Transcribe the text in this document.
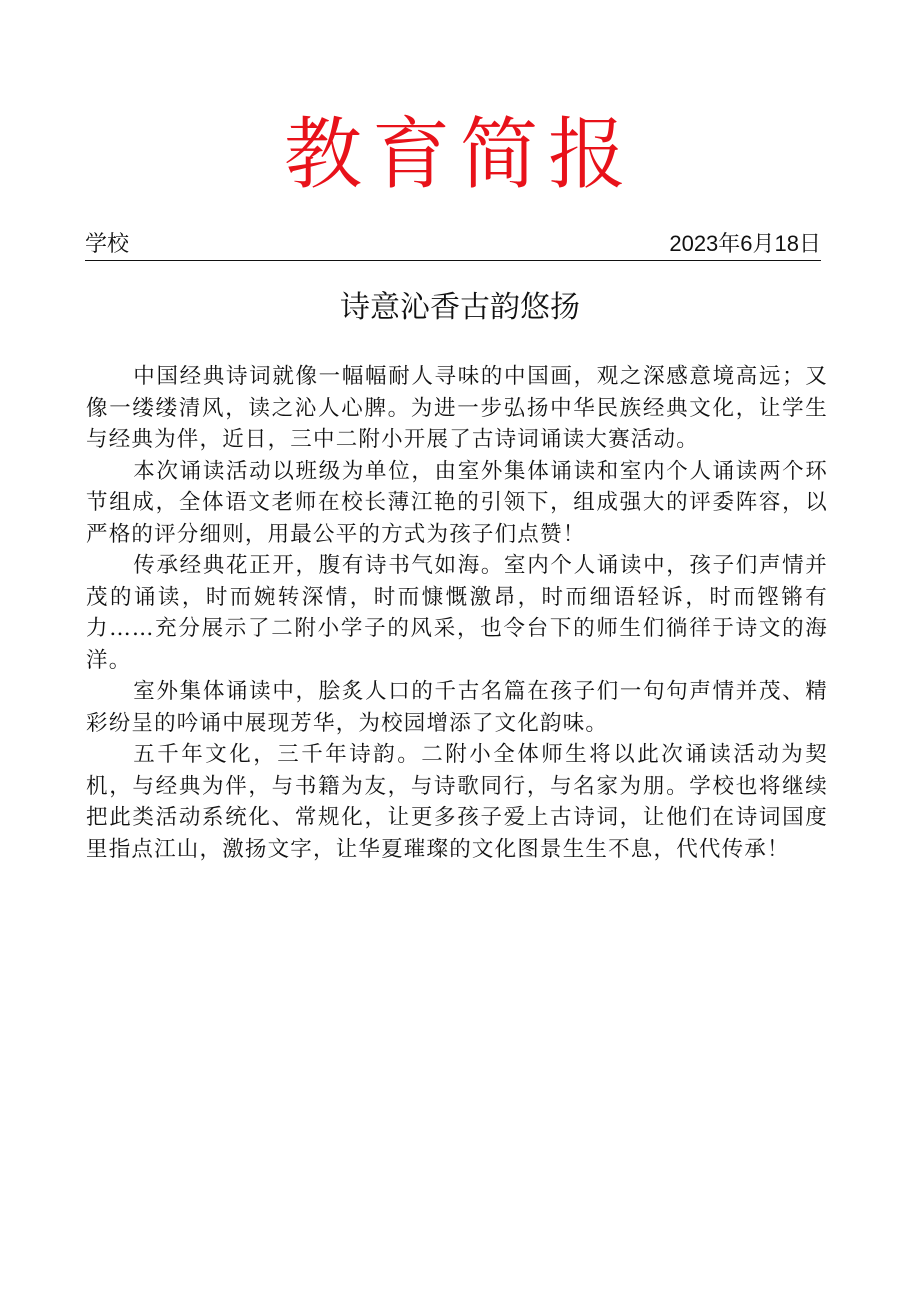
教育简报
学校	2023年6月18日
诗意沁香古韵悠扬

中国经典诗词就像一幅幅耐人寻味的中国画，观之深感意境高远；又像一缕缕清风，读之沁人心脾。为进一步弘扬中华民族经典文化，让学生与经典为伴，近日，三中二附小开展了古诗词诵读大赛活动。

本次诵读活动以班级为单位，由室外集体诵读和室内个人诵读两个环节组成，全体语文老师在校长薄江艳的引领下，组成强大的评委阵容，以严格的评分细则，用最公平的方式为孩子们点赞！

传承经典花正开，腹有诗书气如海。室内个人诵读中，孩子们声情并茂的诵读，时而婉转深情，时而慷慨激昂，时而细语轻诉，时而铿锵有力……充分展示了二附小学子的风采，也令台下的师生们徜徉于诗文的海洋。

室外集体诵读中，脍炙人口的千古名篇在孩子们一句句声情并茂、精彩纷呈的吟诵中展现芳华，为校园增添了文化韵味。

五千年文化，三千年诗韵。二附小全体师生将以此次诵读活动为契机，与经典为伴，与书籍为友，与诗歌同行，与名家为朋。学校也将继续把此类活动系统化、常规化，让更多孩子爱上古诗词，让他们在诗词国度里指点江山，激扬文字，让华夏璀璨的文化图景生生不息，代代传承！
